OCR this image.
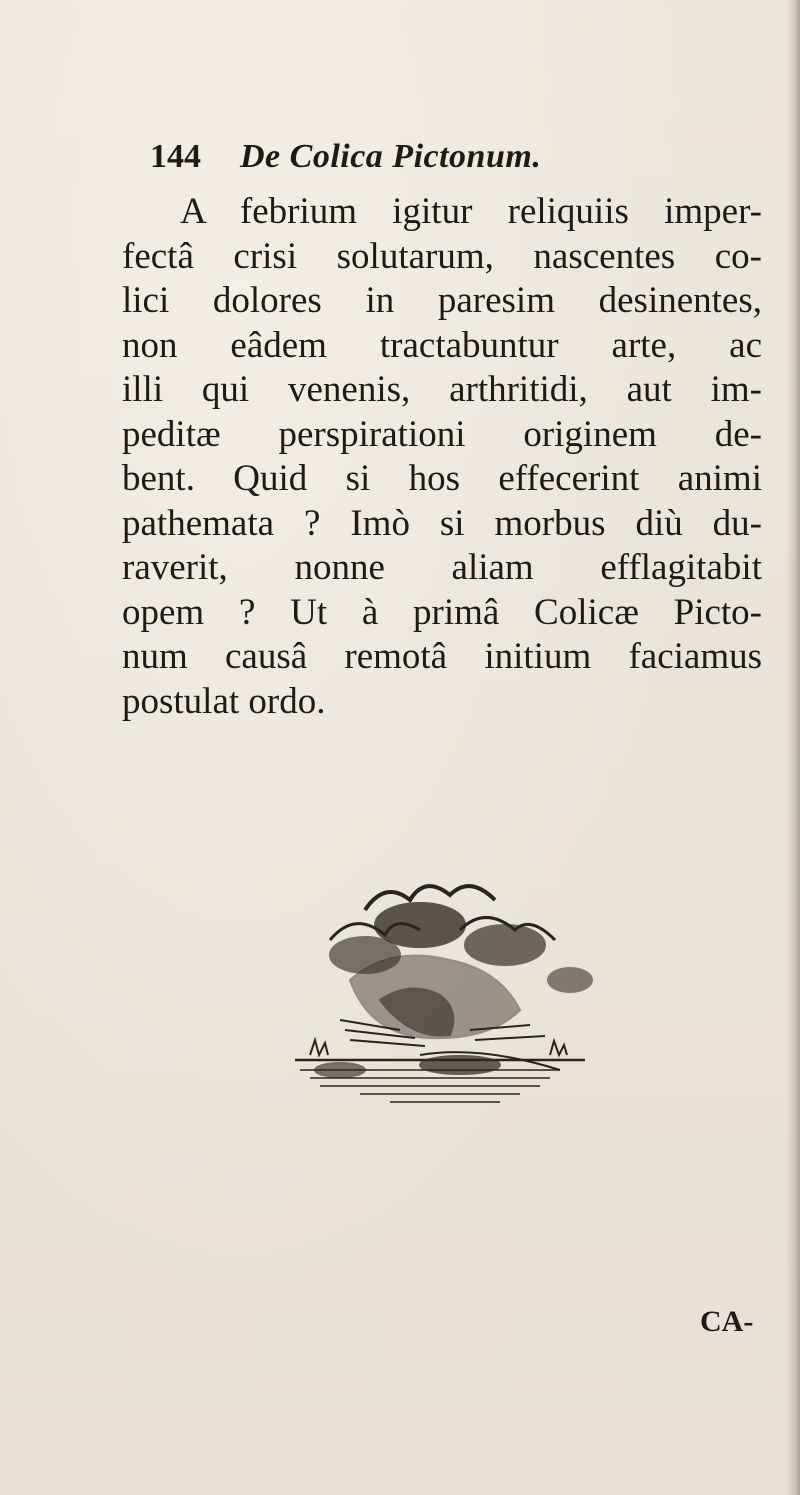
144 De Colica Pictonum.
A febrium igitur reliquiis imper-
fectâ crisi solutarum, nascentes co-
lici dolores in paresim desinentes,
non eâdem tractabuntur arte, ac
illi qui venenis, arthritidi, aut im-
peditæ perspirationi originem de-
bent. Quid si hos effecerint animi
pathemata ? Imò si morbus diù du-
raverit, nonne aliam efflagitabit
opem ? Ut à primâ Colicæ Picto-
num causâ remotâ initium faciamus
postulat ordo.
CA-
